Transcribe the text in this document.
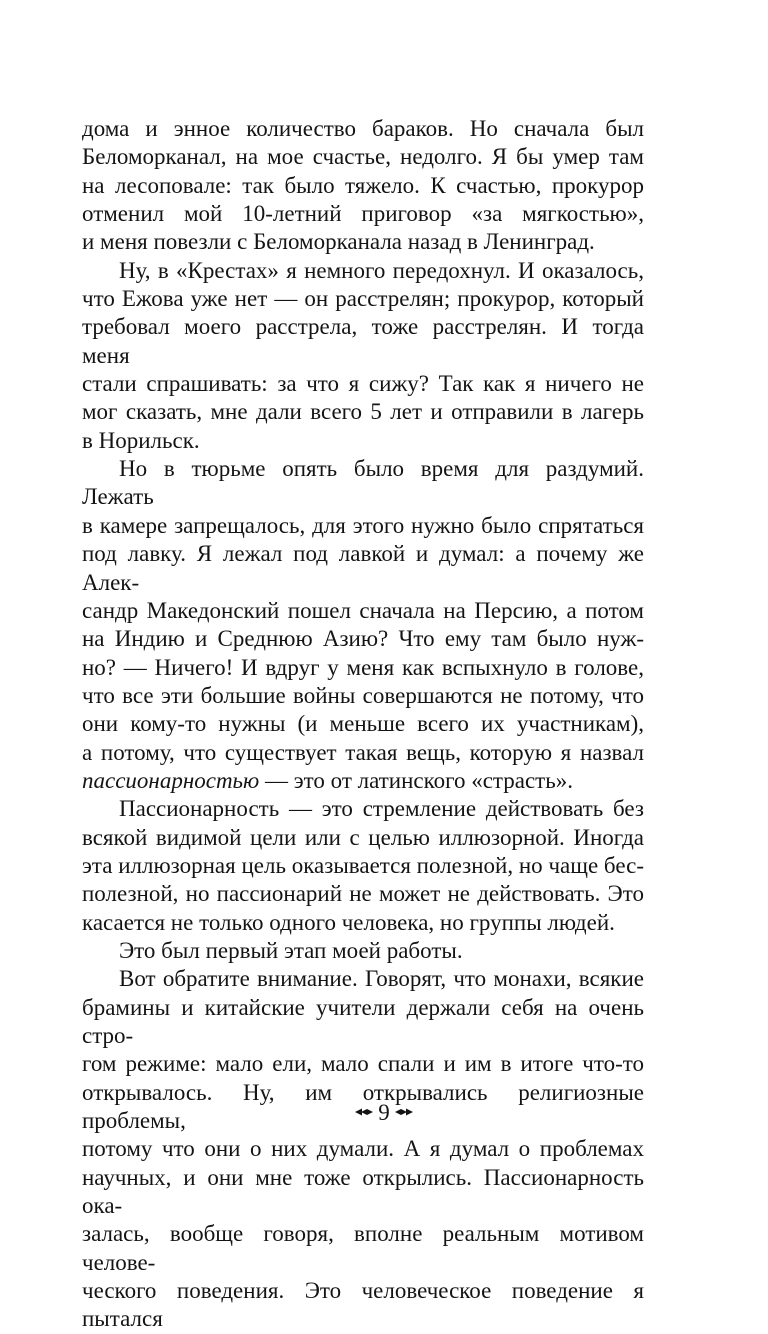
дома и энное количество бараков. Но сначала был
Беломорканал, на мое счастье, недолго. Я бы умер там
на лесоповале: так было тяжело. К счастью, прокурор
отменил мой 10-летний приговор «за мягкостью»,
и меня повезли с Беломорканала назад в Ленинград.

Ну, в «Крестах» я немного передохнул. И оказалось,
что Ежова уже нет — он расстрелян; прокурор, который
требовал моего расстрела, тоже расстрелян. И тогда меня
стали спрашивать: за что я сижу? Так как я ничего не
мог сказать, мне дали всего 5 лет и отправили в лагерь
в Норильск.

Но в тюрьме опять было время для раздумий. Лежать
в камере запрещалось, для этого нужно было спрятаться
под лавку. Я лежал под лавкой и думал: а почему же Алек-
сандр Македонский пошел сначала на Персию, а потом
на Индию и Среднюю Азию? Что ему там было нуж-
но? — Ничего! И вдруг у меня как вспыхнуло в голове,
что все эти большие войны совершаются не потому, что
они кому-то нужны (и меньше всего их участникам),
а потому, что существует такая вещь, которую я назвал
пассионарностью — это от латинского «страсть».

Пассионарность — это стремление действовать без
всякой видимой цели или с целью иллюзорной. Иногда
эта иллюзорная цель оказывается полезной, но чаще бес-
полезной, но пассионарий не может не действовать. Это
касается не только одного человека, но группы людей.

Это был первый этап моей работы.

Вот обратите внимание. Говорят, что монахи, всякие
брамины и китайские учители держали себя на очень стро-
гом режиме: мало ели, мало спали и им в итоге что-то
открывалось. Ну, им открывались религиозные проблемы,
потому что они о них думали. А я думал о проблемах
научных, и они мне тоже открылись. Пассионарность ока-
залась, вообще говоря, вполне реальным мотивом челове-
ческого поведения. Это человеческое поведение я пытался

9
